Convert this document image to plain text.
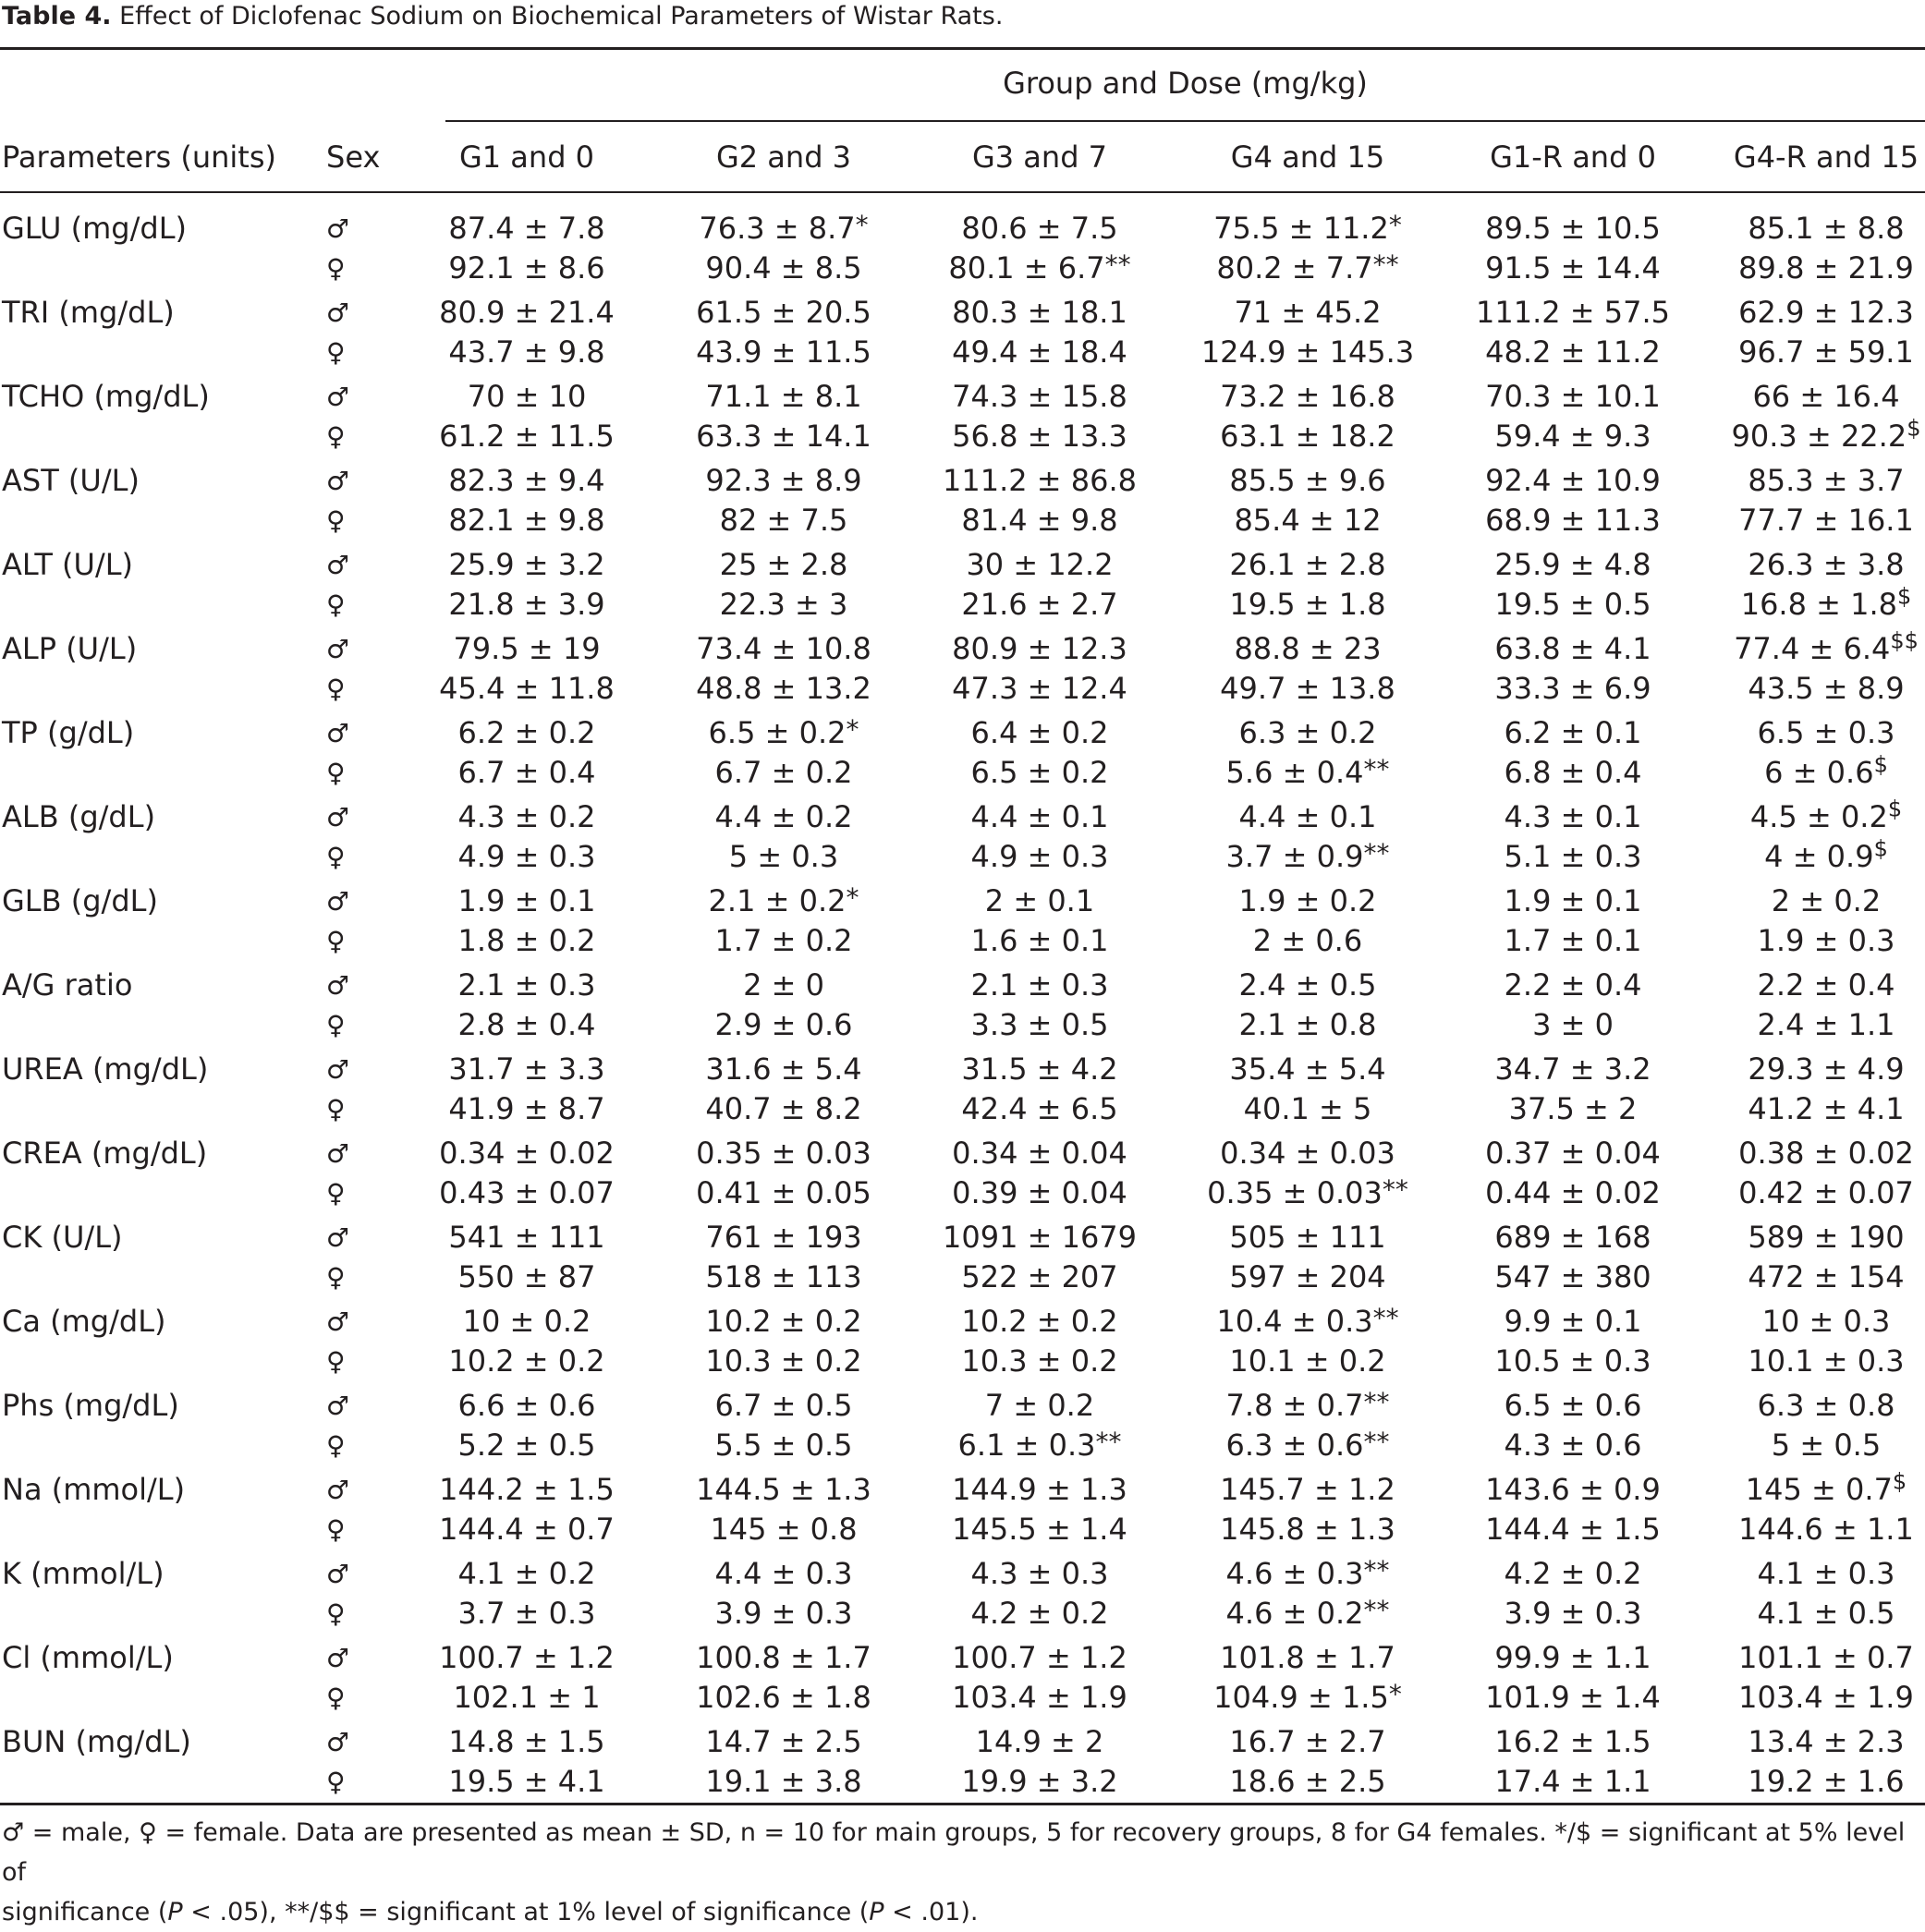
Table 4. Effect of Diclofenac Sodium on Biochemical Parameters of Wistar Rats.
Group and Dose (mg/kg)
Parameters (units) Sex	G1 and 0	G2 and 3	G3 and 7	G4 and 15	G1-R and 0	G4-R and 15
GLU (mg/dL)	♂	87.4 ± 7.8	76.3 ± 8.7*	80.6 ± 7.5	75.5 ± 11.2*	89.5 ± 10.5	85.1 ± 8.8
♀	92.1 ± 8.6	90.4 ± 8.5	80.1 ± 6.7**	80.2 ± 7.7**	91.5 ± 14.4	89.8 ± 21.9
TRI (mg/dL)	♂	80.9 ± 21.4	61.5 ± 20.5	80.3 ± 18.1	71 ± 45.2	111.2 ± 57.5 62.9 ± 12.3
♀	43.7 ± 9.8	43.9 ± 11.5	49.4 ± 18.4 124.9 ± 145.3 48.2 ± 11.2	96.7 ± 59.1
TCHO (mg/dL)	♂	70 ± 10	71.1 ± 8.1	74.3 ± 15.8	73.2 ± 16.8	70.3 ± 10.1	66 ± 16.4
♀	61.2 ± 11.5	63.3 ± 14.1	56.8 ± 13.3	63.1 ± 18.2	59.4 ± 9.3	90.3 ± 22.2$
AST (U/L)	♂	82.3 ± 9.4	92.3 ± 8.9	111.2 ± 86.8	85.5 ± 9.6	92.4 ± 10.9	85.3 ± 3.7
♀	82.1 ± 9.8	82 ± 7.5	81.4 ± 9.8	85.4 ± 12	68.9 ± 11.3	77.7 ± 16.1
ALT (U/L)	♂	25.9 ± 3.2	25 ± 2.8	30 ± 12.2	26.1 ± 2.8	25.9 ± 4.8	26.3 ± 3.8
♀	21.8 ± 3.9	22.3 ± 3	21.6 ± 2.7	19.5 ± 1.8	19.5 ± 0.5	16.8 ± 1.8$
ALP (U/L)	♂	79.5 ± 19	73.4 ± 10.8	80.9 ± 12.3	88.8 ± 23	63.8 ± 4.1	77.4 ± 6.4$$
♀	45.4 ± 11.8	48.8 ± 13.2	47.3 ± 12.4	49.7 ± 13.8	33.3 ± 6.9	43.5 ± 8.9
TP (g/dL)	♂	6.2 ± 0.2	6.5 ± 0.2*	6.4 ± 0.2	6.3 ± 0.2	6.2 ± 0.1	6.5 ± 0.3
♀	6.7 ± 0.4	6.7 ± 0.2	6.5 ± 0.2	5.6 ± 0.4**	6.8 ± 0.4	6 ± 0.6$
ALB (g/dL)	♂	4.3 ± 0.2	4.4 ± 0.2	4.4 ± 0.1	4.4 ± 0.1	4.3 ± 0.1	4.5 ± 0.2$
♀	4.9 ± 0.3	5 ± 0.3	4.9 ± 0.3	3.7 ± 0.9**	5.1 ± 0.3	4 ± 0.9$
GLB (g/dL)	♂	1.9 ± 0.1	2.1 ± 0.2*	2 ± 0.1	1.9 ± 0.2	1.9 ± 0.1	2 ± 0.2
♀	1.8 ± 0.2	1.7 ± 0.2	1.6 ± 0.1	2 ± 0.6	1.7 ± 0.1	1.9 ± 0.3
A/G ratio	♂	2.1 ± 0.3	2 ± 0	2.1 ± 0.3	2.4 ± 0.5	2.2 ± 0.4	2.2 ± 0.4
♀	2.8 ± 0.4	2.9 ± 0.6	3.3 ± 0.5	2.1 ± 0.8	3 ± 0	2.4 ± 1.1
UREA (mg/dL)	♂	31.7 ± 3.3	31.6 ± 5.4	31.5 ± 4.2	35.4 ± 5.4	34.7 ± 3.2	29.3 ± 4.9
♀	41.9 ± 8.7	40.7 ± 8.2	42.4 ± 6.5	40.1 ± 5	37.5 ± 2	41.2 ± 4.1
CREA (mg/dL)	♂	0.34 ± 0.02	0.35 ± 0.03	0.34 ± 0.04	0.34 ± 0.03	0.37 ± 0.04	0.38 ± 0.02
♀	0.43 ± 0.07	0.41 ± 0.05	0.39 ± 0.04	0.35 ± 0.03**	0.44 ± 0.02	0.42 ± 0.07
CK (U/L)	♂	541 ± 111	761 ± 193	1091 ± 1679	505 ± 111	689 ± 168	589 ± 190
♀	550 ± 87	518 ± 113	522 ± 207	597 ± 204	547 ± 380	472 ± 154
Ca (mg/dL)	♂	10 ± 0.2	10.2 ± 0.2	10.2 ± 0.2	10.4 ± 0.3**	9.9 ± 0.1	10 ± 0.3
♀	10.2 ± 0.2	10.3 ± 0.2	10.3 ± 0.2	10.1 ± 0.2	10.5 ± 0.3	10.1 ± 0.3
Phs (mg/dL)	♂	6.6 ± 0.6	6.7 ± 0.5	7 ± 0.2	7.8 ± 0.7**	6.5 ± 0.6	6.3 ± 0.8
♀	5.2 ± 0.5	5.5 ± 0.5	6.1 ± 0.3**	6.3 ± 0.6**	4.3 ± 0.6	5 ± 0.5
Na (mmol/L)	♂	144.2 ± 1.5	144.5 ± 1.3	144.9 ± 1.3	145.7 ± 1.2	143.6 ± 0.9	145 ± 0.7$
♀	144.4 ± 0.7	145 ± 0.8	145.5 ± 1.4	145.8 ± 1.3	144.4 ± 1.5	144.6 ± 1.1
K (mmol/L)	♂	4.1 ± 0.2	4.4 ± 0.3	4.3 ± 0.3	4.6 ± 0.3**	4.2 ± 0.2	4.1 ± 0.3
♀	3.7 ± 0.3	3.9 ± 0.3	4.2 ± 0.2	4.6 ± 0.2**	3.9 ± 0.3	4.1 ± 0.5
Cl (mmol/L)	♂	100.7 ± 1.2	100.8 ± 1.7	100.7 ± 1.2	101.8 ± 1.7	99.9 ± 1.1	101.1 ± 0.7
♀	102.1 ± 1	102.6 ± 1.8	103.4 ± 1.9	104.9 ± 1.5*	101.9 ± 1.4	103.4 ± 1.9
BUN (mg/dL)	♂	14.8 ± 1.5	14.7 ± 2.5	14.9 ± 2	16.7 ± 2.7	16.2 ± 1.5	13.4 ± 2.3
♀	19.5 ± 4.1	19.1 ± 3.8	19.9 ± 3.2	18.6 ± 2.5	17.4 ± 1.1	19.2 ± 1.6
♂ = male, ♀ = female. Data are presented as mean ± SD, n = 10 for main groups, 5 for recovery groups, 8 for G4 females. */$ = significant at 5% level of
significance (P < .05), **/$$ = significant at 1% level of significance (P < .01).
